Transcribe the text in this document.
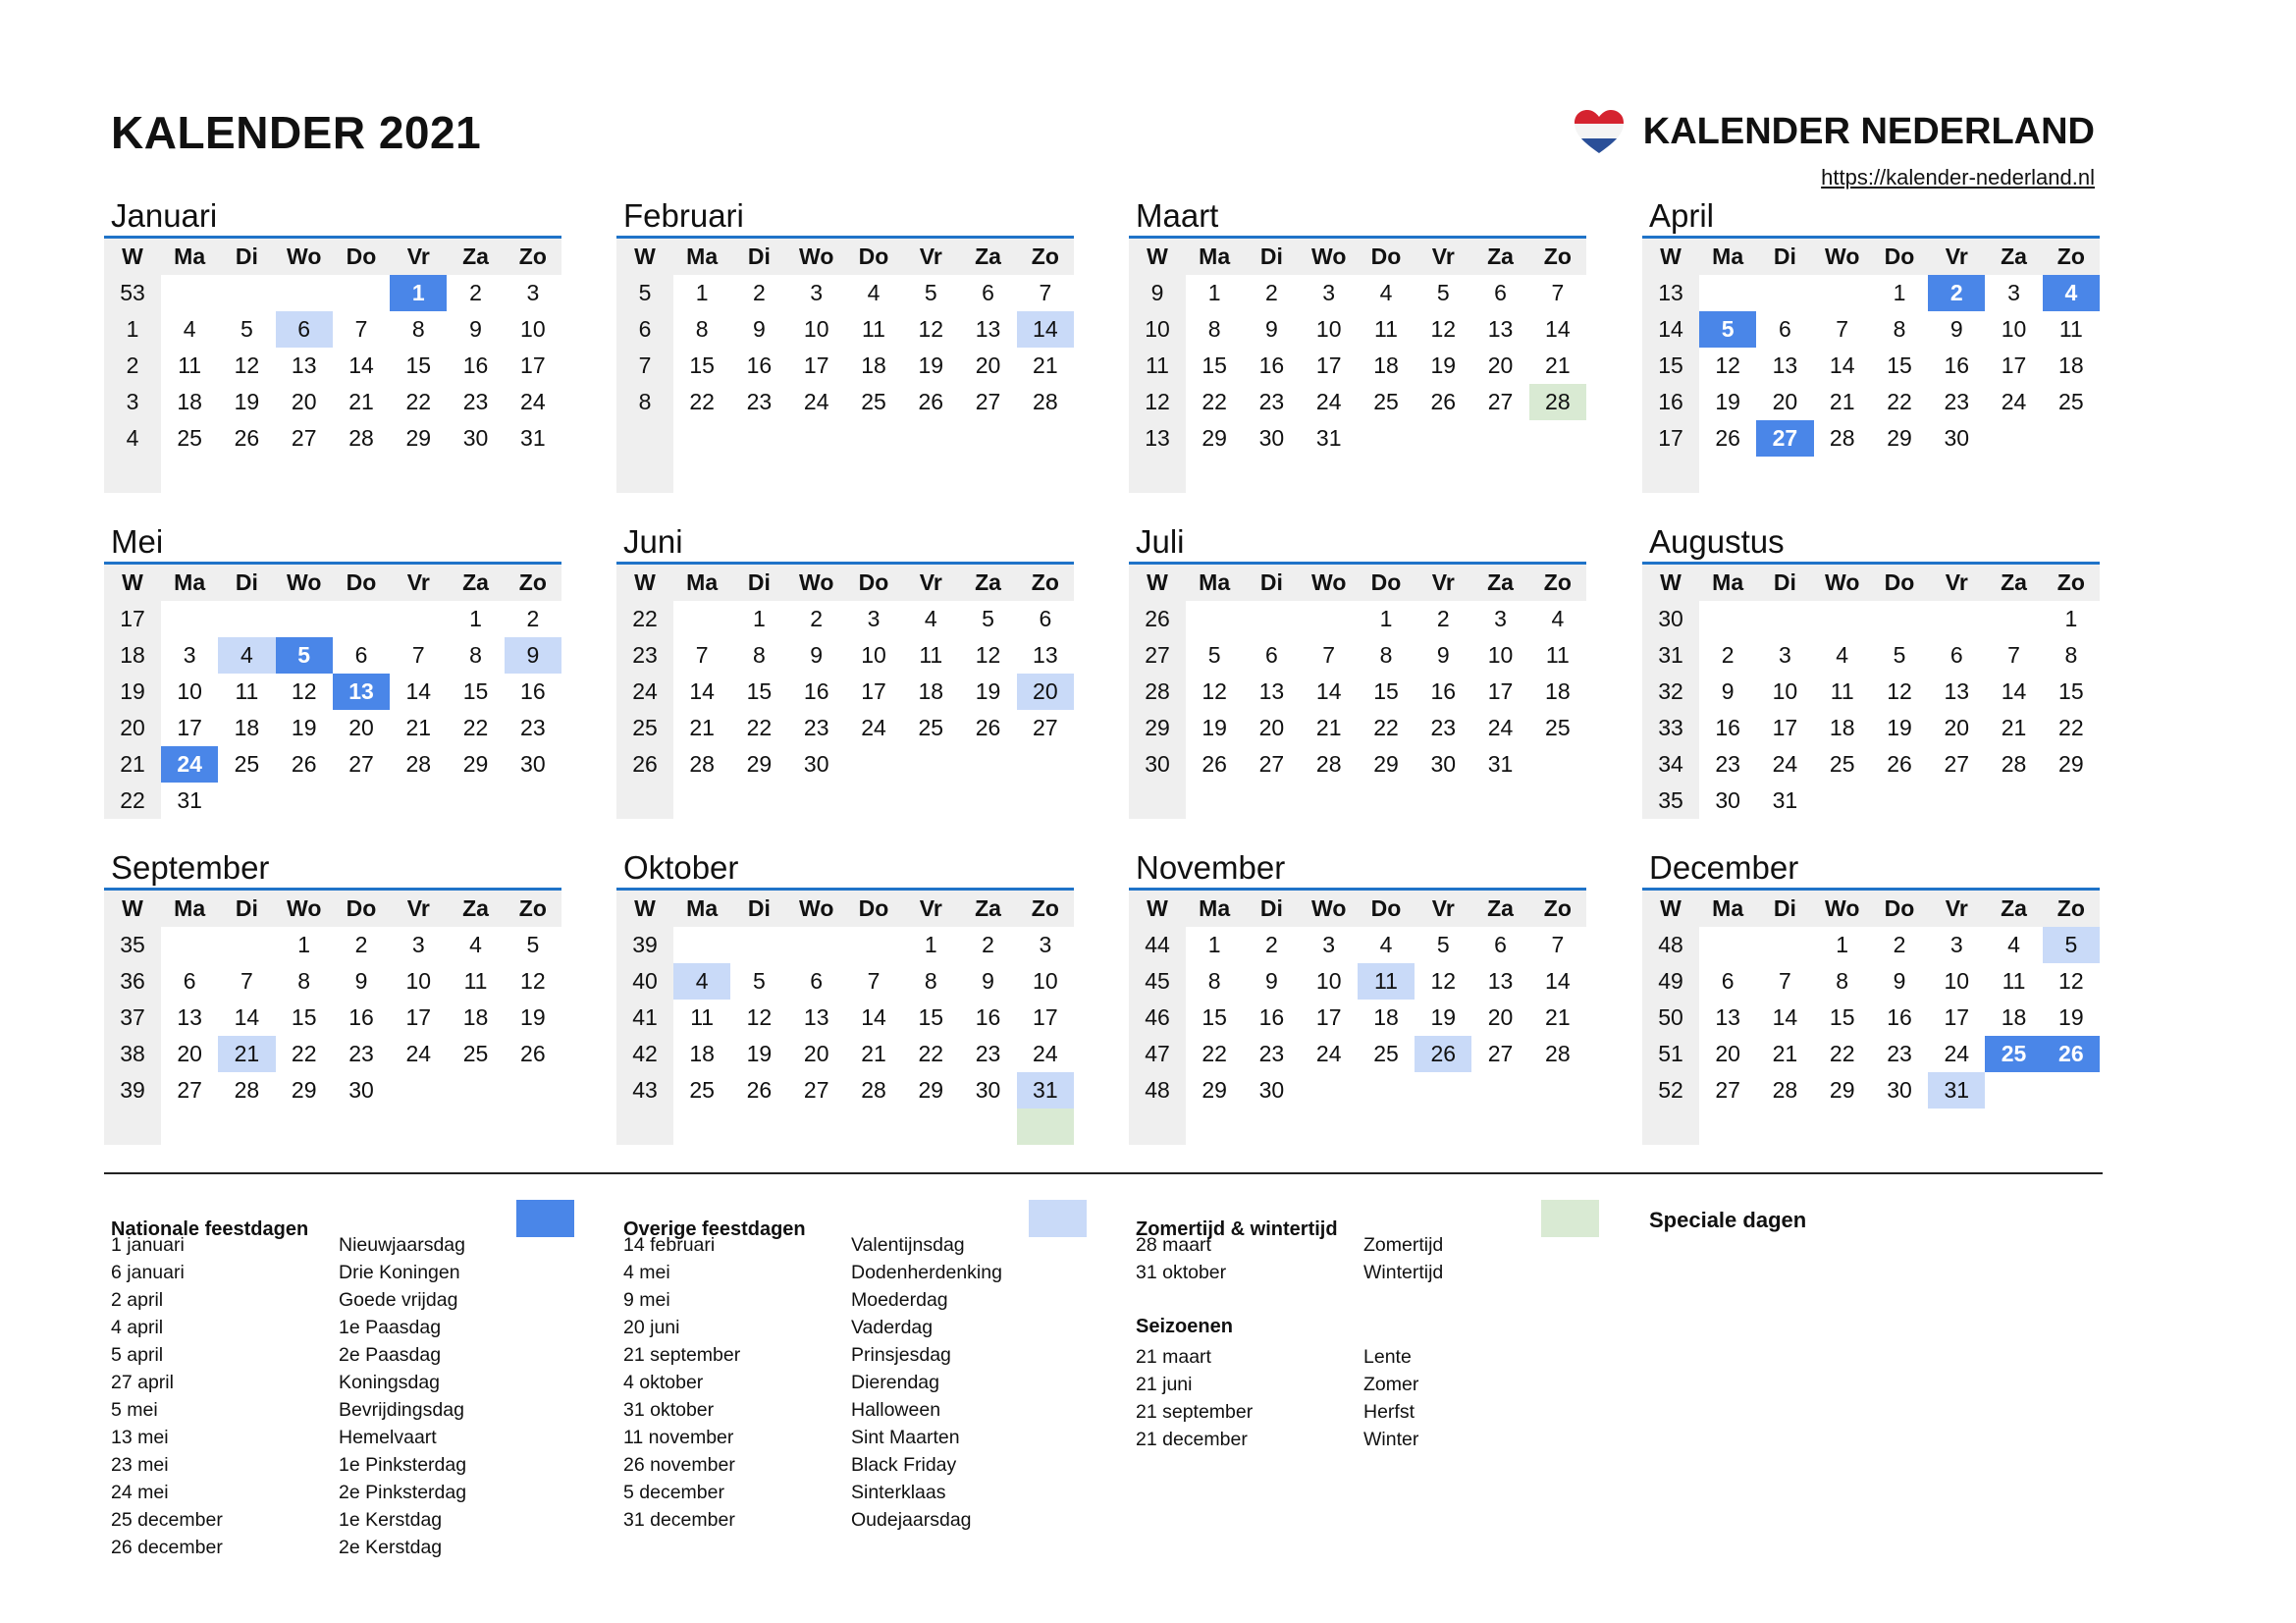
KALENDER 2021	KALENDER NEDERLAND
https://kalender-nederland.nl
Januari
W	Ma	Di	Wo	Do	Vr	Za	Zo
53					1	2	3
1	4	5	6	7	8	9	10
2	11	12	13	14	15	16	17
3	18	19	20	21	22	23	24
4	25	26	27	28	29	30	31

Februari
W	Ma	Di	Wo	Do	Vr	Za	Zo
5	1	2	3	4	5	6	7
6	8	9	10	11	12	13	14
7	15	16	17	18	19	20	21
8	22	23	24	25	26	27	28

Maart
W	Ma	Di	Wo	Do	Vr	Za	Zo
9	1	2	3	4	5	6	7
10	8	9	10	11	12	13	14
11	15	16	17	18	19	20	21
12	22	23	24	25	26	27	28
13	29	30	31				

April
W	Ma	Di	Wo	Do	Vr	Za	Zo
13				1	2	3	4
14	5	6	7	8	9	10	11
15	12	13	14	15	16	17	18
16	19	20	21	22	23	24	25
17	26	27	28	29	30		

Mei
W	Ma	Di	Wo	Do	Vr	Za	Zo
17						1	2
18	3	4	5	6	7	8	9
19	10	11	12	13	14	15	16
20	17	18	19	20	21	22	23
21	24	25	26	27	28	29	30
22	31						
Juni
W	Ma	Di	Wo	Do	Vr	Za	Zo
22		1	2	3	4	5	6
23	7	8	9	10	11	12	13
24	14	15	16	17	18	19	20
25	21	22	23	24	25	26	27
26	28	29	30				

Juli
W	Ma	Di	Wo	Do	Vr	Za	Zo
26				1	2	3	4
27	5	6	7	8	9	10	11
28	12	13	14	15	16	17	18
29	19	20	21	22	23	24	25
30	26	27	28	29	30	31	

Augustus
W	Ma	Di	Wo	Do	Vr	Za	Zo
30							1
31	2	3	4	5	6	7	8
32	9	10	11	12	13	14	15
33	16	17	18	19	20	21	22
34	23	24	25	26	27	28	29
35	30	31					
September
W	Ma	Di	Wo	Do	Vr	Za	Zo
35			1	2	3	4	5
36	6	7	8	9	10	11	12
37	13	14	15	16	17	18	19
38	20	21	22	23	24	25	26
39	27	28	29	30			

Oktober
W	Ma	Di	Wo	Do	Vr	Za	Zo
39					1	2	3
40	4	5	6	7	8	9	10
41	11	12	13	14	15	16	17
42	18	19	20	21	22	23	24
43	25	26	27	28	29	30	31

November
W	Ma	Di	Wo	Do	Vr	Za	Zo
44	1	2	3	4	5	6	7
45	8	9	10	11	12	13	14
46	15	16	17	18	19	20	21
47	22	23	24	25	26	27	28
48	29	30					

December
W	Ma	Di	Wo	Do	Vr	Za	Zo
48			1	2	3	4	5
49	6	7	8	9	10	11	12
50	13	14	15	16	17	18	19
51	20	21	22	23	24	25	26
52	27	28	29	30	31		

Nationale feestdagen
1 januari	Nieuwjaarsdag
6 januari	Drie Koningen
2 april	Goede vrijdag
4 april	1e Paasdag
5 april	2e Paasdag
27 april	Koningsdag
5 mei	Bevrijdingsdag
13 mei	Hemelvaart
23 mei	1e Pinksterdag
24 mei	2e Pinksterdag
25 december	1e Kerstdag
26 december	2e Kerstdag
Overige feestdagen
14 februari	Valentijnsdag
4 mei	Dodenherdenking
9 mei	Moederdag
20 juni	Vaderdag
21 september	Prinsjesdag
4 oktober	Dierendag
31 oktober	Halloween
11 november	Sint Maarten
26 november	Black Friday
5 december	Sinterklaas
31 december	Oudejaarsdag
Zomertijd & wintertijd
28 maart	Zomertijd
31 oktober	Wintertijd
Seizoenen
21 maart	Lente
21 juni	Zomer
21 september	Herfst
21 december	Winter
Speciale dagen
